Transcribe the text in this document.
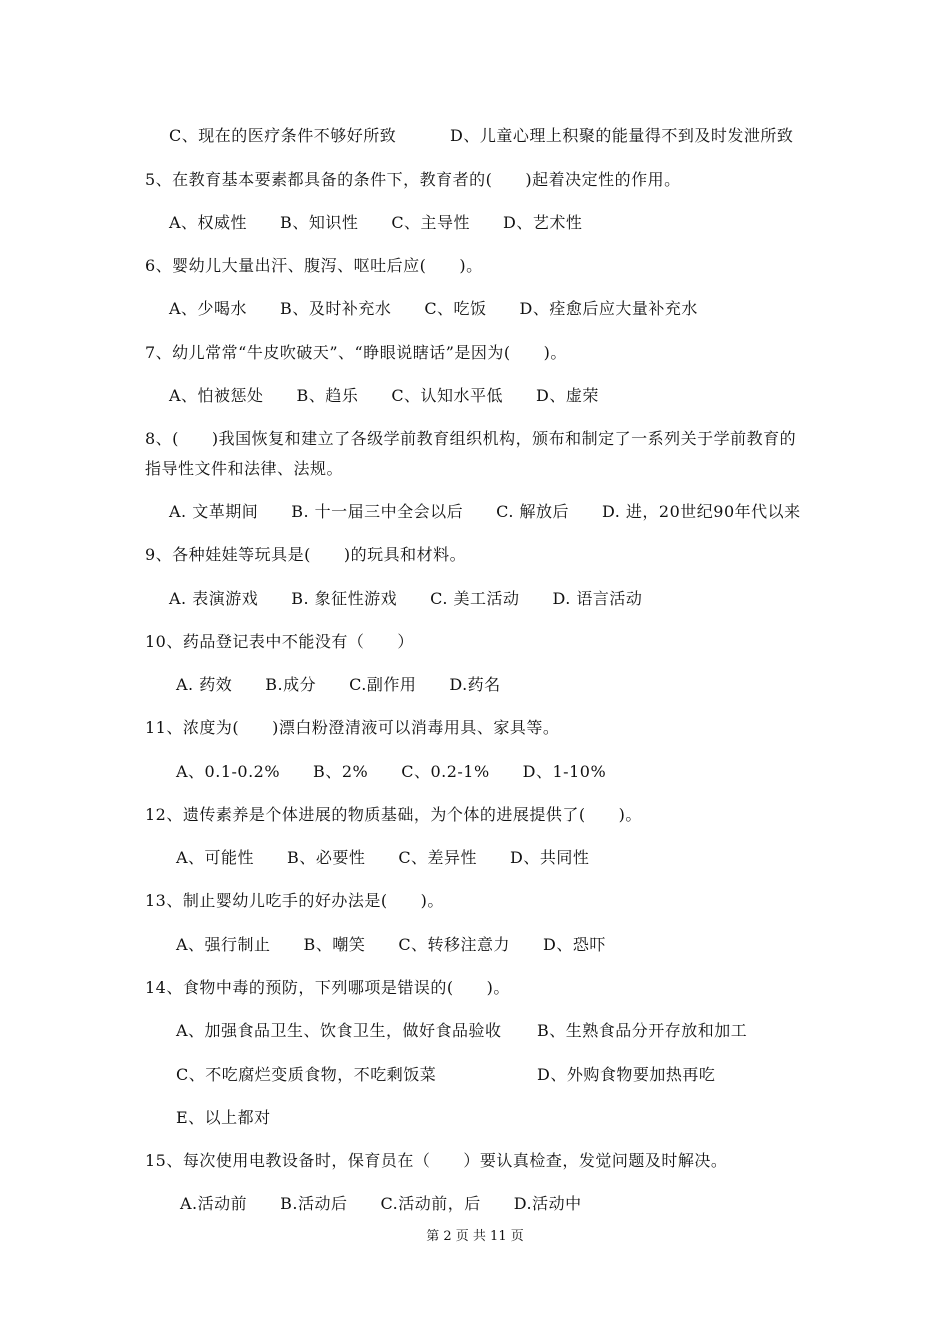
C、现在的医疗条件不够好所致	D、儿童心理上积聚的能量得不到及时发泄所致
5、在教育基本要素都具备的条件下，教育者的(　　)起着决定性的作用。
A、权威性　　B、知识性　　C、主导性　　D、艺术性
6、婴幼儿大量出汗、腹泻、呕吐后应(　　)。
A、少喝水　　B、及时补充水　　C、吃饭　　D、痊愈后应大量补充水
7、幼儿常常“牛皮吹破天”、“睁眼说瞎话”是因为(　　)。
A、怕被惩处　　B、趋乐　　C、认知水平低　　D、虚荣
8、(　　)我国恢复和建立了各级学前教育组织机构，颁布和制定了一系列关于学前教育的
指导性文件和法律、法规。
A. 文革期间　　B. 十一届三中全会以后　　C. 解放后　　D. 进，20世纪90年代以来
9、各种娃娃等玩具是(　　)的玩具和材料。
A. 表演游戏　　B. 象征性游戏　　C. 美工活动　　D. 语言活动
10、药品登记表中不能没有（　　）
A. 药效　　B.成分　　C.副作用　　D.药名
11、浓度为(　　)漂白粉澄清液可以消毒用具、家具等。
A、0.1-0.2%　　B、2%　　C、0.2-1%　　D、1-10%
12、遗传素养是个体进展的物质基础，为个体的进展提供了(　　)。
A、可能性　　B、必要性　　C、差异性　　D、共同性
13、制止婴幼儿吃手的好办法是(　　)。
A、强行制止　　B、嘲笑　　C、转移注意力　　D、恐吓
14、食物中毒的预防，下列哪项是错误的(　　)。
A、加强食品卫生、饮食卫生，做好食品验收 B、生熟食品分开存放和加工
C、不吃腐烂变质食物，不吃剩饭菜	D、外购食物要加热再吃
E、以上都对
15、每次使用电教设备时，保育员在（　　）要认真检查，发觉问题及时解决。
A.活动前　　B.活动后　　C.活动前，后　　D.活动中
第 2 页 共 11 页
